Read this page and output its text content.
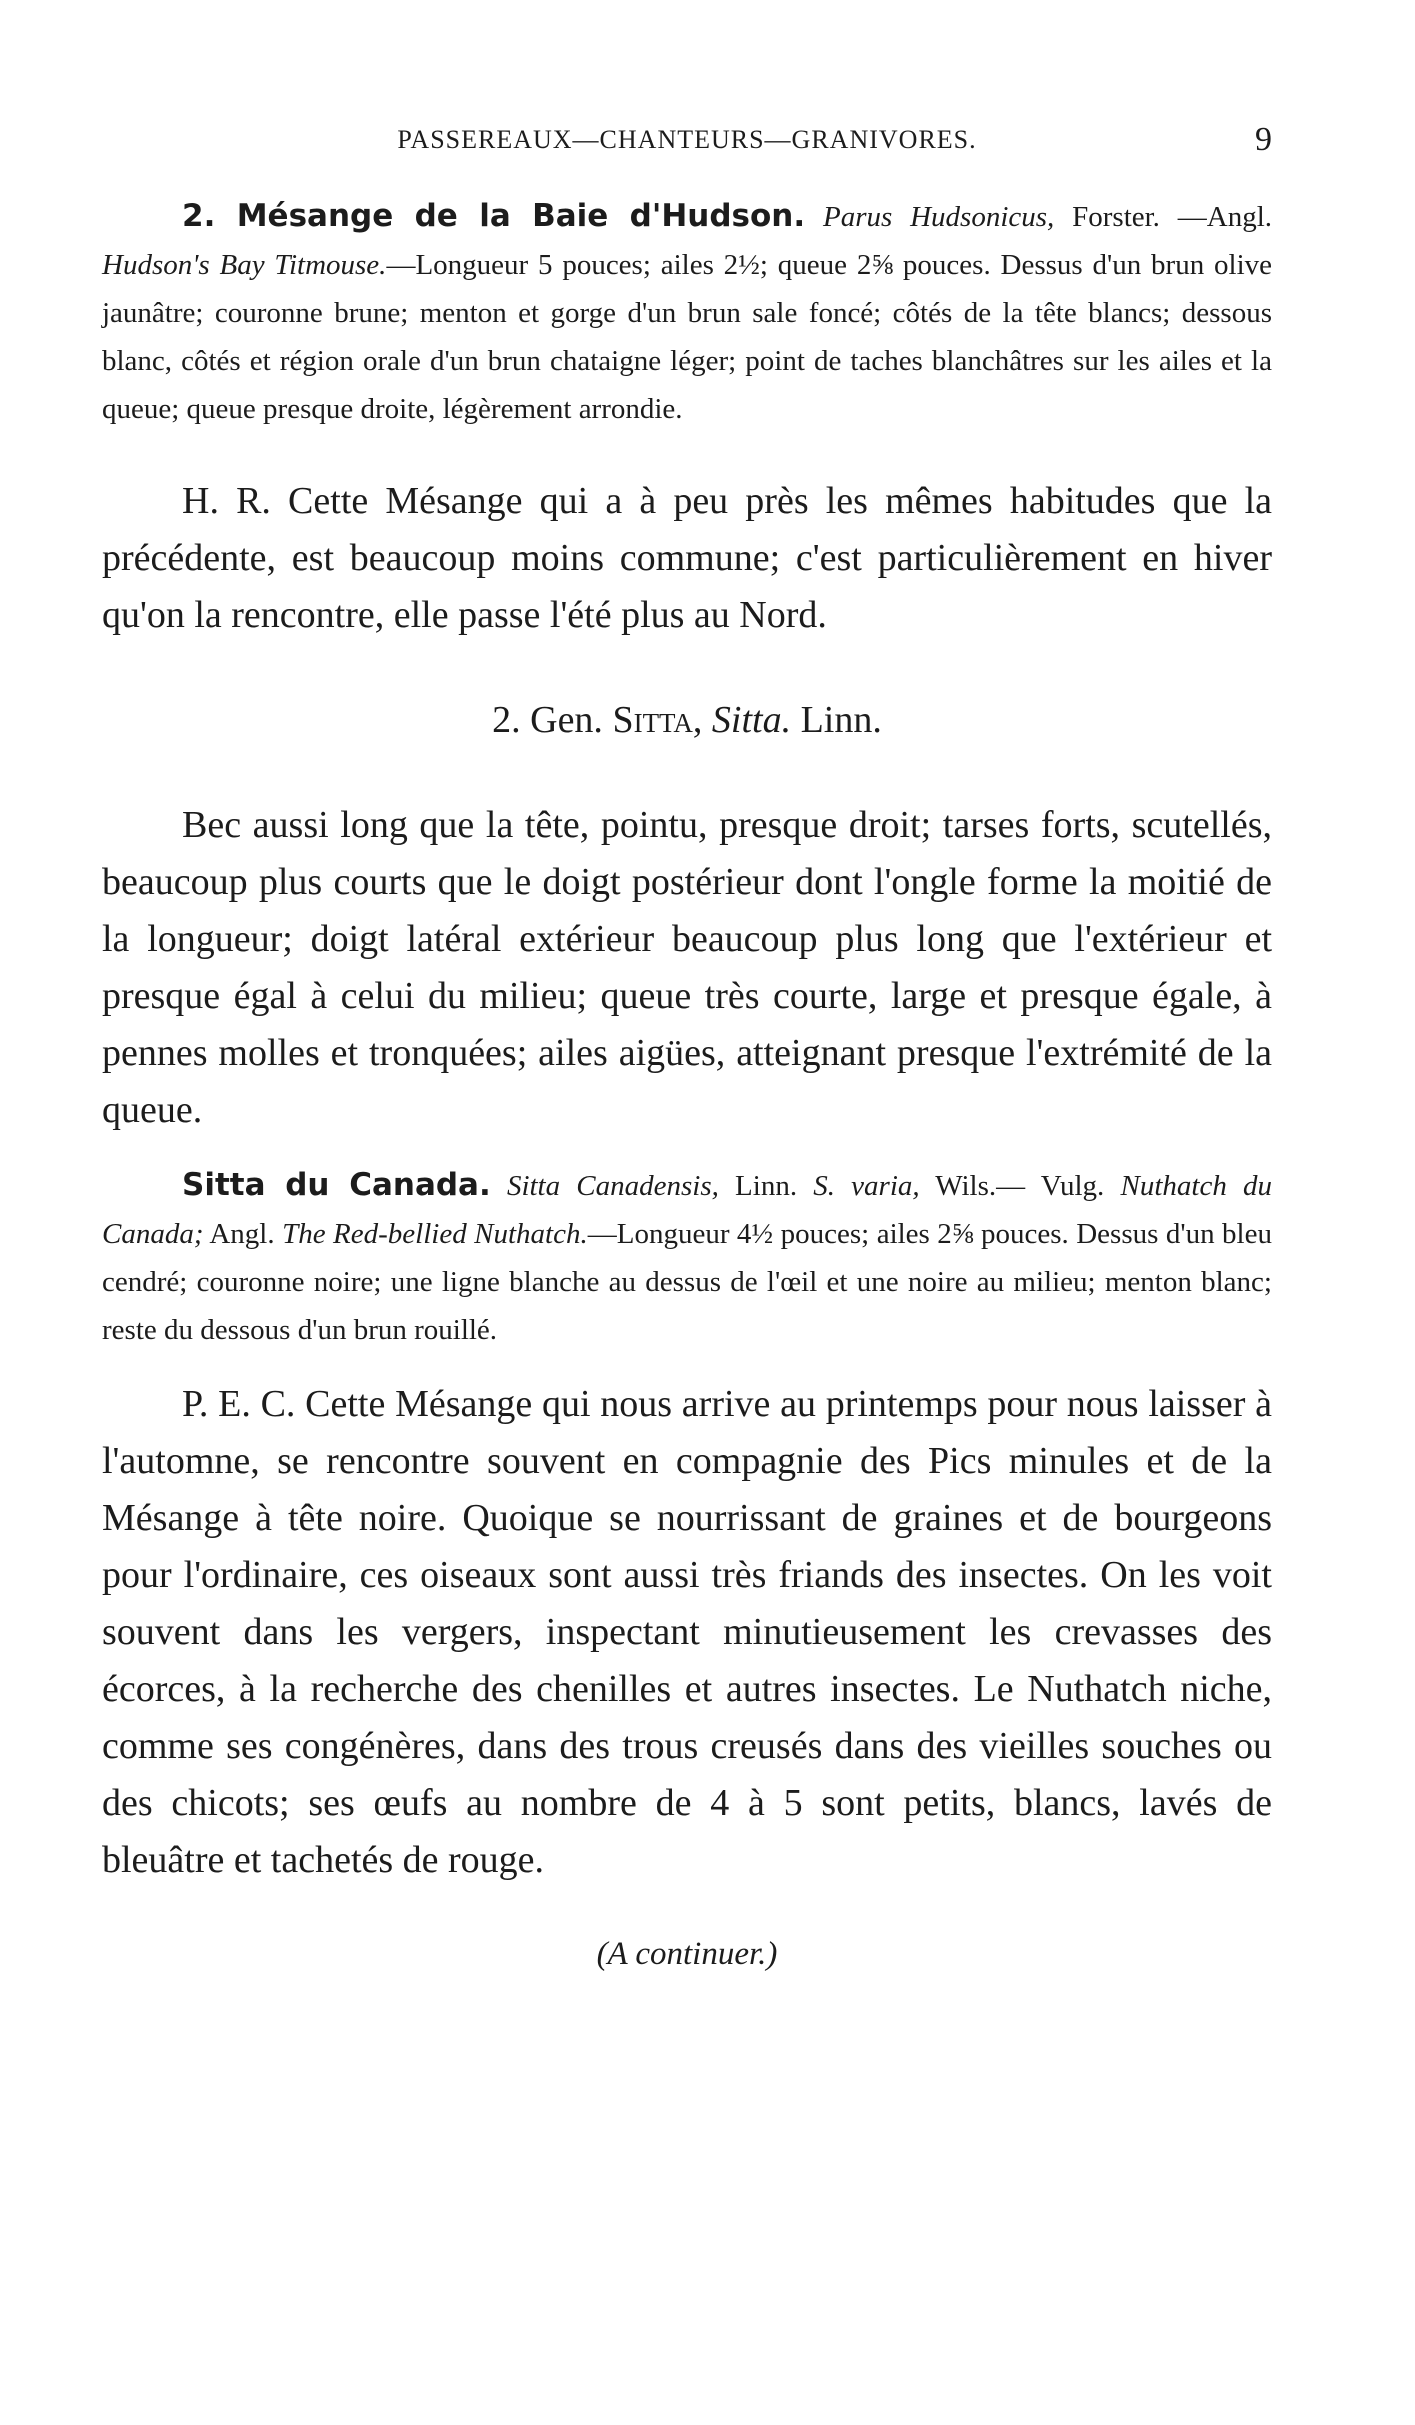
PASSEREAUX—CHANTEURS—GRANIVORES.	9

2. Mésange de la Baie d'Hudson. Parus Hudsonicus, Forster. —Angl. Hudson's Bay Titmouse.—Longueur 5 pouces; ailes 2½; queue 2⅝ pouces. Dessus d'un brun olive jaunâtre; couronne brune; menton et gorge d'un brun sale foncé; côtés de la tête blancs; dessous blanc, côtés et région orale d'un brun chataigne léger; point de taches blanchâtres sur les ailes et la queue; queue presque droite, légèrement arrondie.

H. R. Cette Mésange qui a à peu près les mêmes habitudes que la précédente, est beaucoup moins commune; c'est particulièrement en hiver qu'on la rencontre, elle passe l'été plus au Nord.

2. Gen. Sitta, Sitta. Linn.

Bec aussi long que la tête, pointu, presque droit; tarses forts, scutellés, beaucoup plus courts que le doigt postérieur dont l'ongle forme la moitié de la longueur; doigt latéral extérieur beaucoup plus long que l'extérieur et presque égal à celui du milieu; queue très courte, large et presque égale, à pennes molles et tronquées; ailes aigües, atteignant presque l'extrémité de la queue.

Sitta du Canada. Sitta Canadensis, Linn. S. varia, Wils.— Vulg. Nuthatch du Canada; Angl. The Red-bellied Nuthatch.—Longueur 4½ pouces; ailes 2⅝ pouces. Dessus d'un bleu cendré; couronne noire; une ligne blanche au dessus de l'œil et une noire au milieu; menton blanc; reste du dessous d'un brun rouillé.

P. E. C. Cette Mésange qui nous arrive au printemps pour nous laisser à l'automne, se rencontre souvent en compagnie des Pics minules et de la Mésange à tête noire. Quoique se nourrissant de graines et de bourgeons pour l'ordinaire, ces oiseaux sont aussi très friands des insectes. On les voit souvent dans les vergers, inspectant minutieusement les crevasses des écorces, à la recherche des chenilles et autres insectes. Le Nuthatch niche, comme ses congénères, dans des trous creusés dans des vieilles souches ou des chicots; ses œufs au nombre de 4 à 5 sont petits, blancs, lavés de bleuâtre et tachetés de rouge.

(A continuer.)
